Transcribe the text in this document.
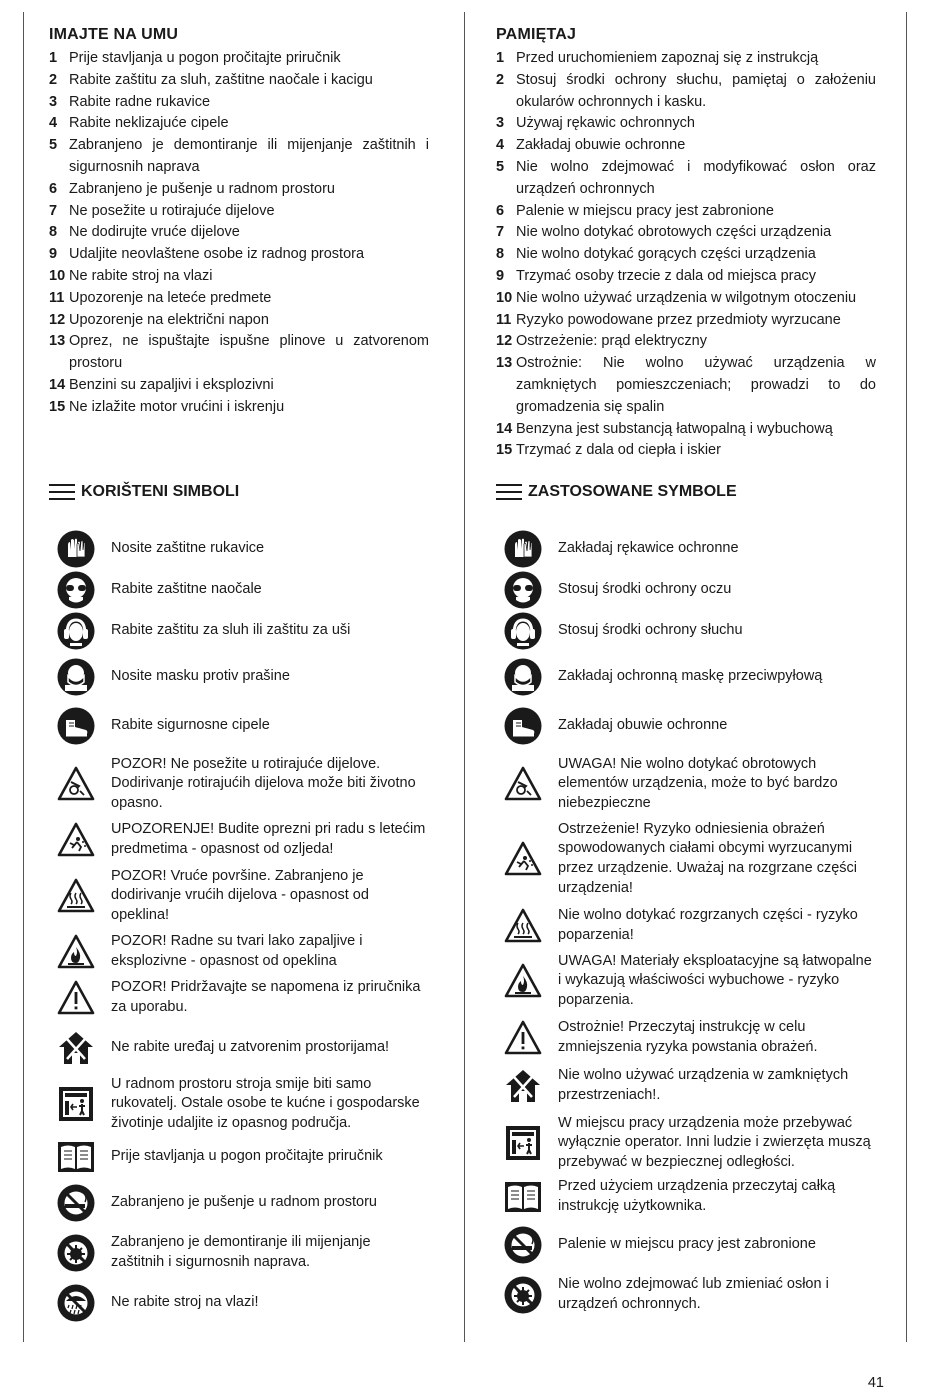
IMAJTE NA UMU
1 Prije stavljanja u pogon pročitajte priručnik
2 Rabite zaštitu za sluh, zaštitne naočale i kacigu
3 Rabite radne rukavice
4 Rabite neklizajuće cipele
5 Zabranjeno je demontiranje ili mijenjanje zaštitnih i sigurnosnih naprava
6 Zabranjeno je pušenje u radnom prostoru
7 Ne posežite u rotirajuće dijelove
8 Ne dodirujte vruće dijelove
9 Udaljite neovlaštene osobe iz radnog prostora
10 Ne rabite stroj na vlazi
11 Upozorenje na leteće predmete
12 Upozorenje na električni napon
13 Oprez, ne ispuštajte ispušne plinove u zatvorenom prostoru
14 Benzini su zapaljivi i eksplozivni
15 Ne izlažite motor vrućini i iskrenju
PAMIĘTAJ
1 Przed uruchomieniem zapoznaj się z instrukcją
2 Stosuj środki ochrony słuchu, pamiętaj o założeniu okularów ochronnych i kasku.
3 Używaj rękawic ochronnych
4 Zakładaj obuwie ochronne
5 Nie wolno zdejmować i modyfikować osłon oraz urządzeń ochronnych
6 Palenie w miejscu pracy jest zabronione
7 Nie wolno dotykać obrotowych części urządzenia
8 Nie wolno dotykać gorących części urządzenia
9 Trzymać osoby trzecie z dala od miejsca pracy
10 Nie wolno używać urządzenia w wilgotnym otoczeniu
11 Ryzyko powodowane przez przedmioty wyrzucane
12 Ostrzeżenie: prąd elektryczny
13 Ostrożnie: Nie wolno używać urządzenia w zamkniętych pomieszczeniach; prowadzi to do gromadzenia się spalin
14 Benzyna jest substancją łatwopalną i wybuchową
15 Trzymać z dala od ciepła i iskier
KORIŠTENI SIMBOLI	ZASTOSOWANE SYMBOLE
Nosite zaštitne rukavice
Rabite zaštitne naočale
Rabite zaštitu za sluh ili zaštitu za uši
Nosite masku protiv prašine
Rabite sigurnosne cipele
POZOR! Ne posežite u rotirajuće dijelove. Dodirivanje rotirajućih dijelova može biti životno opasno.
UPOZORENJE! Budite oprezni pri radu s letećim predmetima - opasnost od ozljeda!
POZOR! Vruće površine. Zabranjeno je dodirivanje vrućih dijelova - opasnost od opeklina!
POZOR! Radne su tvari lako zapaljive i eksplozivne - opasnost od opeklina
POZOR! Pridržavajte se napomena iz priručnika za uporabu.
Ne rabite uređaj u zatvorenim prostorijama!
U radnom prostoru stroja smije biti samo rukovatelj. Ostale osobe te kućne i gospodarske životinje udaljite iz opasnog područja.
Prije stavljanja u pogon pročitajte priručnik
Zabranjeno je pušenje u radnom prostoru
Zabranjeno je demontiranje ili mijenjanje zaštitnih i sigurnosnih naprava.
Ne rabite stroj na vlazi!
Zakładaj rękawice ochronne
Stosuj środki ochrony oczu
Stosuj środki ochrony słuchu
Zakładaj ochronną maskę przeciwpyłową
Zakładaj obuwie ochronne
UWAGA! Nie wolno dotykać obrotowych elementów urządzenia, może to być bardzo niebezpieczne
Ostrzeżenie! Ryzyko odniesienia obrażeń spowodowanych ciałami obcymi wyrzucanymi przez urządzenie. Uważaj na rozgrzane części urządzenia!
Nie wolno dotykać rozgrzanych części - ryzyko poparzenia!
UWAGA! Materiały eksploatacyjne są łatwopalne i wykazują właściwości wybuchowe - ryzyko poparzenia.
Ostrożnie! Przeczytaj instrukcję w celu zmniejszenia ryzyka powstania obrażeń.
Nie wolno używać urządzenia w zamkniętych przestrzeniach!.
W miejscu pracy urządzenia może przebywać wyłącznie operator. Inni ludzie i zwierzęta muszą przebywać w bezpiecznej odległości.
Przed użyciem urządzenia przeczytaj całką instrukcję użytkownika.
Palenie w miejscu pracy jest zabronione
Nie wolno zdejmować lub zmieniać osłon i urządzeń ochronnych.
41
